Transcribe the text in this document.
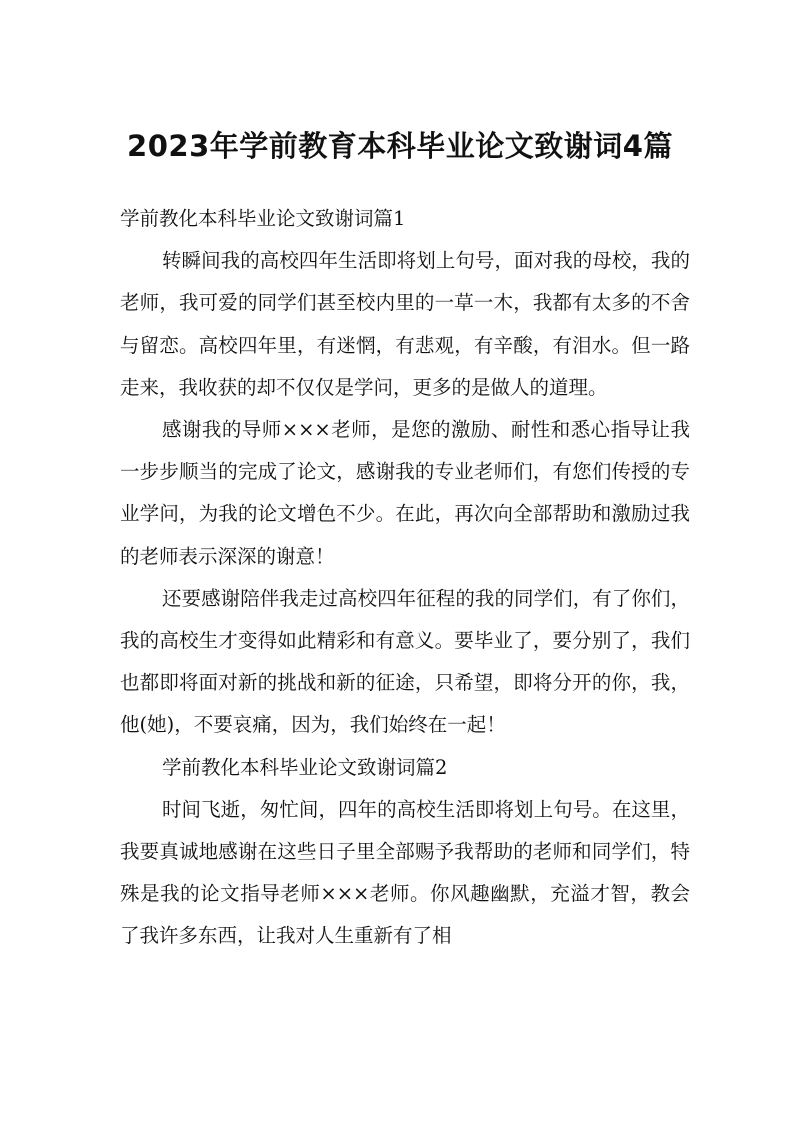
2023年学前教育本科毕业论文致谢词4篇
学前教化本科毕业论文致谢词篇1

转瞬间我的高校四年生活即将划上句号，面对我的母校，我的老师，我可爱的同学们甚至校内里的一草一木，我都有太多的不舍与留恋。高校四年里，有迷惘，有悲观，有辛酸，有泪水。但一路走来，我收获的却不仅仅是学问，更多的是做人的道理。

感谢我的导师×××老师，是您的激励、耐性和悉心指导让我一步步顺当的完成了论文，感谢我的专业老师们，有您们传授的专业学问，为我的论文增色不少。在此，再次向全部帮助和激励过我的老师表示深深的谢意！

还要感谢陪伴我走过高校四年征程的我的同学们，有了你们，我的高校生才变得如此精彩和有意义。要毕业了，要分别了，我们也都即将面对新的挑战和新的征途，只希望，即将分开的你，我，他(她)，不要哀痛，因为，我们始终在一起！

学前教化本科毕业论文致谢词篇2

时间飞逝，匆忙间，四年的高校生活即将划上句号。在这里，我要真诚地感谢在这些日子里全部赐予我帮助的老师和同学们，特殊是我的论文指导老师×××老师。你风趣幽默，充溢才智，教会了我许多东西，让我对人生重新有了相
